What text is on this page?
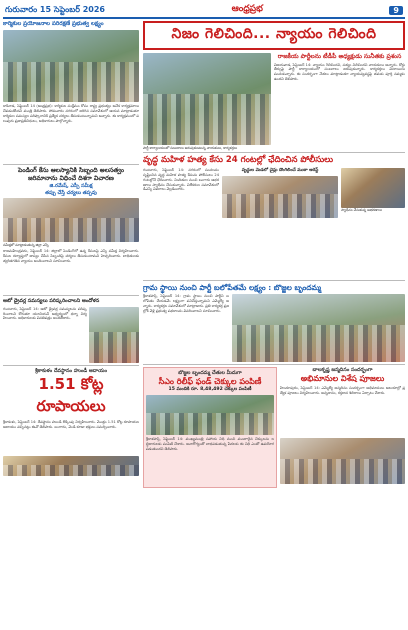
గురువారం 15 సెప్టెంబర్ 2026	ఆంధ్రప్రభ	9
కార్మికుల ప్రయోజనాల పరిరక్షణే ప్రభుత్వ లక్ష్యం
కాకినాడ, సెప్టెంబర్ 14 (ఆంధ్రప్రభ): కార్మికుల సంక్షేమం కోసం రాష్ట్ర ప్రభుత్వం అనేక కార్యక్రమాలు చేపడుతోందని మంత్రి తెలిపారు. సోమవారం నగరంలో జరిగిన సమావేశంలో ఆయన మాట్లాడుతూ కార్మికుల సమస్యల పరిష్కారానికి ప్రత్యేక చర్యలు తీసుకుంటున్నామని అన్నారు. ఈ కార్యక్రమంలో పలువురు ప్రజాప్రతినిధులు, అధికారులు పాల్గొన్నారు.
పెండింగ్‌ కేసు ఆలస్యానికి సిబ్బంది అలసత్వం జరిమానాను విధించే దిశగా విచారణ
జి.రమేష్, ఎస్పీ సమీక్ష
తప్పు చేస్తే చర్యలు తప్పవు
సమీక్షలో మాట్లాడుతున్న జిల్లా ఎస్పీ
రాజమహేంద్రవరం, సెప్టెంబర్ 14: జిల్లాలో పెండింగ్‌లో ఉన్న కేసులపై ఎస్పీ సమీక్ష నిర్వహించారు. కేసుల దర్యాప్తులో జాప్యం చేసిన సిబ్బందిపై చర్యలు తీసుకుంటామని హెచ్చరించారు. బాధితులకు త్వరితగతిన న్యాయం అందించాలని సూచించారు.
ఆటో డ్రైవర్ల సమస్యలు పరిష్కరించాలని ఆందోళన
గుంటూరు, సెప్టెంబర్ 14: ఆటో డ్రైవర్ల సమస్యలను పరిష్కరించాలని కోరుతూ యూనియన్ ఆధ్వర్యంలో ధర్నా నిర్వహించారు. అధికారులకు వినతిపత్రం అందజేశారు.
శ్రీకాకుళం దేవస్థానం హుండీ ఆదాయం
1.51 కోట్ల రూపాయలు
శ్రీకాకుళం, సెప్టెంబర్ 14: దేవస్థానం హుండీ లెక్కింపు నిర్వహించారు. మొత్తం 1.51 కోట్ల రూపాయల ఆదాయం వచ్చినట్లు ఈవో తెలిపారు. బంగారం, వెండి కూడా భక్తులు సమర్పించారు.
నిజం గెలిచింది... న్యాయం గెలిచింది
రాజకీయ పార్టీలను టీడీపీ అధ్యక్షుడు సునీతకు ప్రశంస
విజయవాడ, సెప్టెంబర్ 14: న్యాయం గెలిచిందని, సత్యం నిలిచిందని నాయకులు అన్నారు. కోర్టు తీర్పుపై పార్టీ కార్యాలయంలో సంబరాలు జరుపుకున్నారు. కార్యకర్తలు మిఠాయిలు పంచుకున్నారు. ఈ సందర్భంగా నేతలు మాట్లాడుతూ న్యాయవ్యవస్థపై తమకు పూర్తి నమ్మకం ఉందని తెలిపారు.
పార్టీ కార్యాలయంలో సంబరాలు జరుపుకుంటున్న నాయకులు, కార్యకర్తలు
వృద్ధ మహిళ హత్య కేసు 24 గంటల్లో ఛేదించిన పోలీసులు
గుంటూరు, సెప్టెంబర్ 14: నగరంలో సంచలనం సృష్టించిన వృద్ధ మహిళ హత్య కేసును పోలీసులు 24 గంటల్లోనే ఛేదించారు. నిందితుల నుంచి బంగారు ఆభరణాలు స్వాధీనం చేసుకున్నారు. విలేకరుల సమావేశంలో డీఎస్పీ వివరాలు వెల్లడించారు.
వృద్ధుల మెడలో చైన్లు దొంగిలించే ముఠా అరెస్ట్
స్వాధీనం చేసుకున్న ఆభరణాలు
గ్రామ స్థాయి నుంచి పార్టీ బలోపేతమే లక్ష్యం : బొజ్జల బృందమ్మ
శ్రీకాళహస్తి, సెప్టెంబర్ 14: గ్రామ స్థాయి నుంచి పార్టీని బలోపేతం చేయడమే లక్ష్యంగా పనిచేస్తున్నామని ఎమ్మెల్యే అన్నారు. కార్యకర్తల సమావేశంలో మాట్లాడారు. ప్రతి కార్యకర్త ప్రజల్లోకి వెళ్లి ప్రభుత్వ పథకాలను వివరించాలని సూచించారు.
బొజ్జల బృందమ్మ చేతుల మీదుగా
సీఎం రిలీఫ్ ఫండ్ చెక్కుల పంపిణీ
15 మందికి రూ. 8,48,492 చెక్కుల పంపిణీ
శ్రీకాళహస్తి, సెప్టెంబర్ 14: ముఖ్యమంత్రి సహాయ నిధి నుంచి మంజూరైన చెక్కులను లబ్ధిదారులకు పంపిణీ చేశారు. అనారోగ్యంతో బాధపడుతున్న పేదలకు ఈ నిధి ఎంతో ఉపయోగపడుతుందని తెలిపారు.
బాలకృష్ణ జన్మదినం సందర్భంగా
అభిమానుల విశేష పూజలు
హిందూపురం, సెప్టెంబర్ 14: ఎమ్మెల్యే జన్మదినం సందర్భంగా అభిమానులు ఆలయాల్లో ప్రత్యేక పూజలు నిర్వహించారు. అన్నదానం, రక్తదాన శిబిరాలు ఏర్పాటు చేశారు.
